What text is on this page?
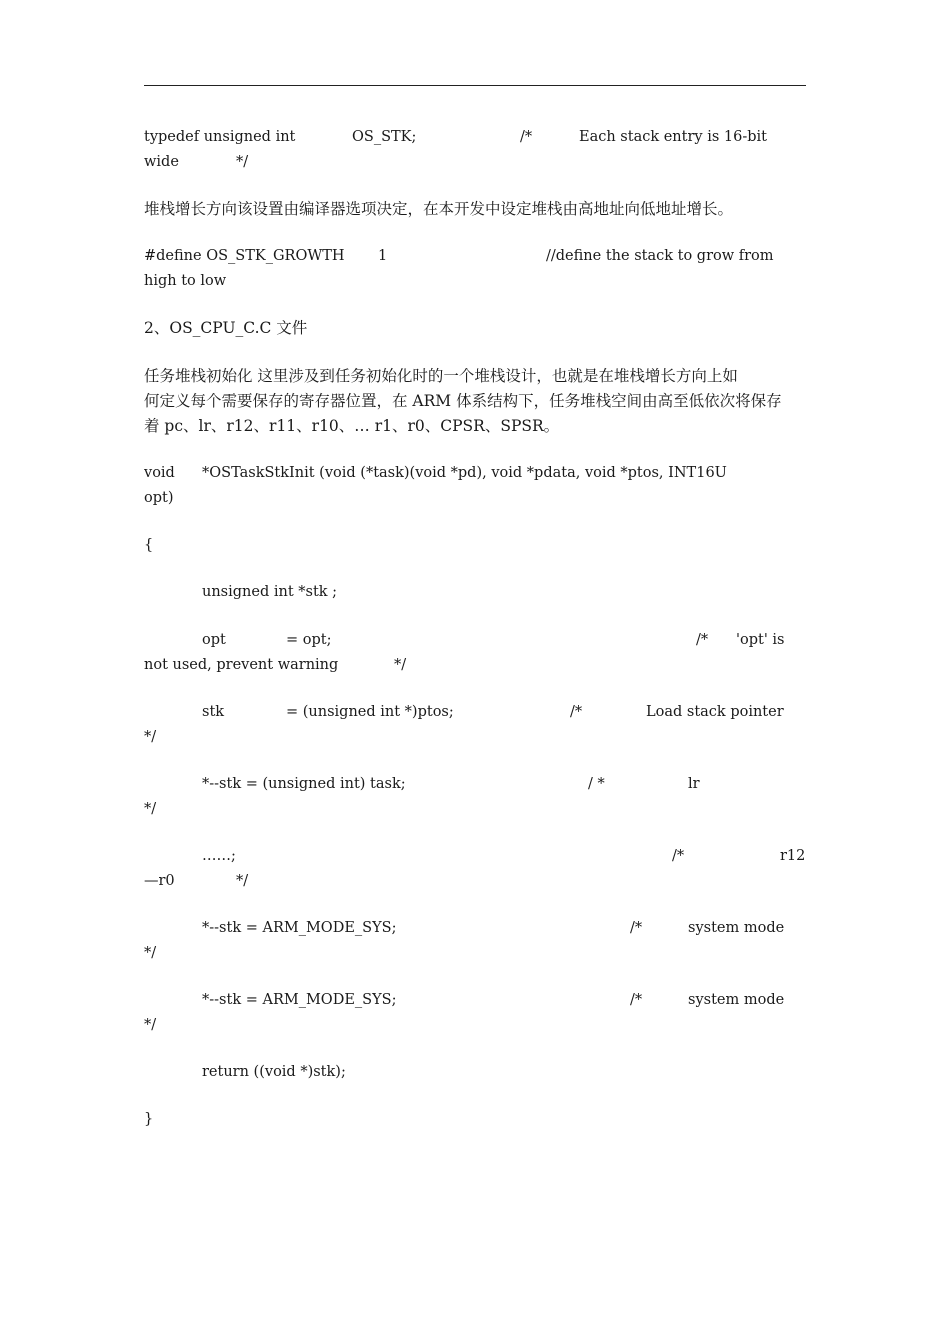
typedef unsigned int

	OS_STK;

	/*

	Each stack entry is 16-bit

wide

	*/

堆栈增长方向该设置由编译器选项决定，在本开发中设定堆栈由高地址向低地址增长。

#define OS_STK_GROWTH

1

	//define the stack to grow from

high to low
2、OS_CPU_C.C 文件
任务堆栈初始化 这里涉及到任务初始化时的一个堆栈设计，也就是在堆栈增长方向上如
何定义每个需要保存的寄存器位置，在 ARM 体系结构下，任务堆栈空间由高至低依次将保存
着 pc、lr、r12、r11、r10、… r1、r0、CPSR、SPSR。

void

*OSTaskStkInit (void (*task)(void *pd), void *pdata, void *ptos, INT16U

opt)
{
unsigned int *stk ;

opt

	= opt;

	/*

'opt' is

not used, prevent warning

	*/

stk

	= (unsigned int *)ptos;

	/*

	Load stack pointer

*/

*--stk = (unsigned int) task;

	/ *

	lr

*/

……;

	/*

	r12

—r0

	*/

*--stk = ARM_MODE_SYS;

	/*

	system mode

*/

*--stk = ARM_MODE_SYS;

	/*

	system mode

*/
return ((void *)stk);
}
